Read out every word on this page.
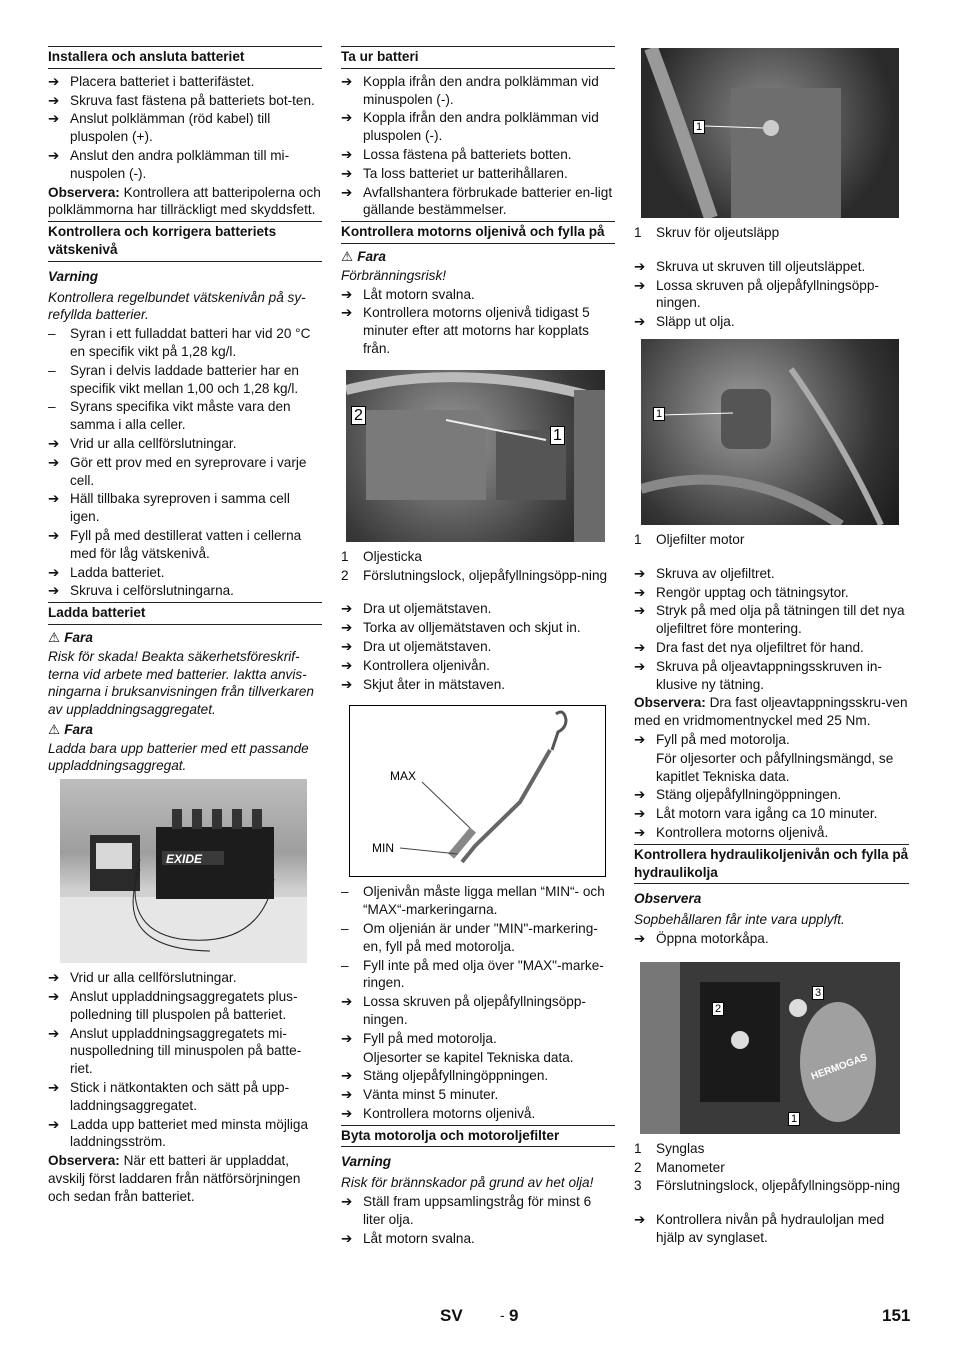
Installera och ansluta batteriet
➔ Placera batteriet i batterifästet.
➔ Skruva fast fästena på batteriets bot-ten.
➔ Anslut polklämman (röd kabel) till pluspolen (+).
➔ Anslut den andra polklämman till mi-nuspolen (-).
Observera: Kontrollera att batteripolerna och polklämmorna har tillräckligt med skyddsfett.
Kontrollera och korrigera batteriets vätskenivå
Varning
Kontrollera regelbundet vätskenivån på sy-refyllda batterier.
–	Syran i ett fulladdat batteri har vid 20 °C en specifik vikt på 1,28 kg/l.
–	Syran i delvis laddade batterier har en specifik vikt mellan 1,00 och 1,28 kg/l.
–	Syrans specifika vikt måste vara den samma i alla celler.
➔ Vrid ur alla cellförslutningar.
➔ Gör ett prov med en syreprovare i varje cell.
➔ Häll tillbaka syreproven i samma cell igen.
➔ Fyll på med destillerat vatten i cellerna med för låg vätskenivå.
➔ Ladda batteriet.
➔ Skruva i celförslutningarna.
Ladda batteriet
⚠ Fara
Risk för skada! Beakta säkerhetsföreskrif-terna vid arbete med batterier. Iaktta anvis-ningarna i bruksanvisningen från tillverkaren av uppladdningsaggregatet.
⚠ Fara
Ladda bara upp batterier med ett passande uppladdningsaggregat.
EXIDE
➔ Vrid ur alla cellförslutningar.
➔ Anslut uppladdningsaggregatets plus-polledning till pluspolen på batteriet.
➔ Anslut uppladdningsaggregatets mi-nuspolledning till minuspolen på batte-riet.
➔ Stick i nätkontakten och sätt på upp-laddningsaggregatet.
➔ Ladda upp batteriet med minsta möjliga laddningsström.
Observera: När ett batteri är uppladdat, avskilj först laddaren från nätförsörjningen och sedan från batteriet.
Ta ur batteri
➔ Koppla ifrån den andra polklämman vid minuspolen (-).
➔ Koppla ifrån den andra polklämman vid pluspolen (-).
➔ Lossa fästena på batteriets botten.
➔ Ta loss batteriet ur batterihållaren.
➔ Avfallshantera förbrukade batterier en-ligt gällande bestämmelser.
Kontrollera motorns oljenivå och fylla på
⚠ Fara
Förbränningsrisk!
➔ Låt motorn svalna.
➔ Kontrollera motorns oljenivå tidigast 5 minuter efter att motorns har kopplats från.
2
1
1 Oljesticka
2 Förslutningslock, oljepåfyllningsöpp-ning
➔ Dra ut oljemätstaven.
➔ Torka av olljemätstaven och skjut in.
➔ Dra ut oljemätstaven.
➔ Kontrollera oljenivån.
➔ Skjut åter in mätstaven.
MAX
MIN
–	Oljenivån måste ligga mellan “MIN“- och “MAX“-markeringarna.
–	Om oljenián är under "MIN"-markering-en, fyll på med motorolja.
–	Fyll inte på med olja över "MAX"-marke-ringen.
➔ Lossa skruven på oljepåfyllningsöpp-ningen.
➔ Fyll på med motorolja.
Oljesorter se kapitel Tekniska data.
➔ Stäng oljepåfyllningöppningen.
➔ Vänta minst 5 minuter.
➔ Kontrollera motorns oljenivå.
Byta motorolja och motoroljefilter
Varning
Risk för brännskador på grund av het olja!
➔ Ställ fram uppsamlingstråg för minst 6 liter olja.
➔ Låt motorn svalna.
1
1 Skruv för oljeutsläpp
➔ Skruva ut skruven till oljeutsläppet.
➔ Lossa skruven på oljepåfyllningsöpp-ningen.
➔ Släpp ut olja.
1
1 Oljefilter motor
➔ Skruva av oljefiltret.
➔ Rengör upptag och tätningsytor.
➔ Stryk på med olja på tätningen till det nya oljefiltret före montering.
➔ Dra fast det nya oljefiltret för hand.
➔ Skruva på oljeavtappningsskruven in-klusive ny tätning.
Observera: Dra fast oljeavtappningsskru-ven med en vridmomentnyckel med 25 Nm.
➔ Fyll på med motorolja.
För oljesorter och påfyllningsmängd, se kapitlet Tekniska data.
➔ Stäng oljepåfyllningöppningen.
➔ Låt motorn vara igång ca 10 minuter.
➔ Kontrollera motorns oljenivå.
Kontrollera hydraulikoljenivån och fylla på hydraulikolja
Observera
Sopbehållaren får inte vara upplyft.
➔ Öppna motorkåpa.
HERMOGAS
3
2
1
1 Synglas
2 Manometer
3 Förslutningslock, oljepåfyllningsöpp-ning
➔ Kontrollera nivån på hydrauloljan med hjälp av synglaset.
SV	- 9	151
